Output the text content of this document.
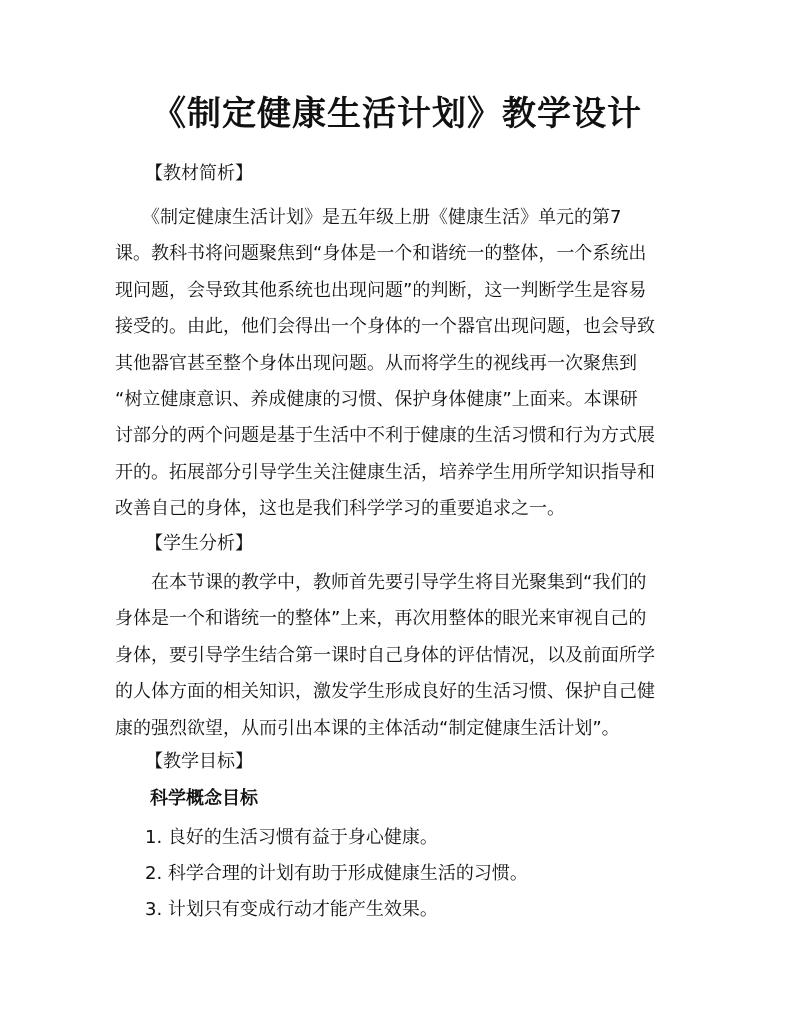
《制定健康生活计划》教学设计
【教材简析】
　　《制定健康生活计划》是五年级上册《健康生活》单元的第7
课。教科书将问题聚焦到“身体是一个和谐统一的整体，一个系统出
现问题，会导致其他系统也出现问题”的判断，这一判断学生是容易
接受的。由此，他们会得出一个身体的一个器官出现问题，也会导致
其他器官甚至整个身体出现问题。从而将学生的视线再一次聚焦到
“树立健康意识、养成健康的习惯、保护身体健康”上面来。本课研
讨部分的两个问题是基于生活中不利于健康的生活习惯和行为方式展
开的。拓展部分引导学生关注健康生活，培养学生用所学知识指导和
改善自己的身体，这也是我们科学学习的重要追求之一。
【学生分析】
　　在本节课的教学中，教师首先要引导学生将目光聚集到“我们的
身体是一个和谐统一的整体”上来，再次用整体的眼光来审视自己的
身体，要引导学生结合第一课时自己身体的评估情况，以及前面所学
的人体方面的相关知识，激发学生形成良好的生活习惯、保护自己健
康的强烈欲望，从而引出本课的主体活动“制定健康生活计划”。
【教学目标】
科学概念目标
1. 良好的生活习惯有益于身心健康。
2. 科学合理的计划有助于形成健康生活的习惯。
3. 计划只有变成行动才能产生效果。
